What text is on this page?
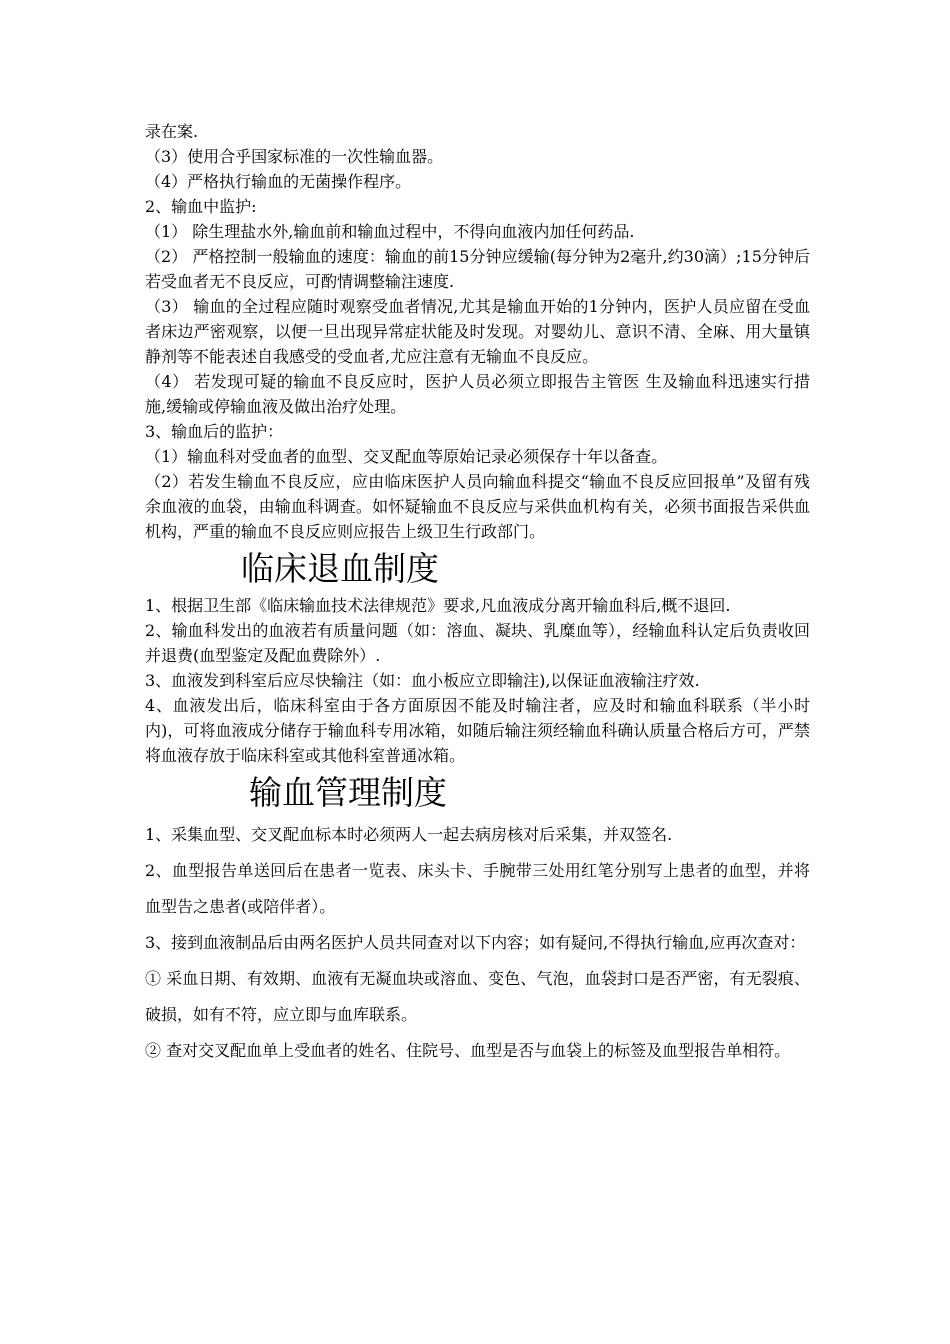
录在案.

（3）使用合乎国家标准的一次性输血器。

（4）严格执行输血的无菌操作程序。

2、输血中监护:

（1） 除生理盐水外,输血前和输血过程中，不得向血液内加任何药品.

（2） 严格控制一般输血的速度：输血的前15分钟应缓输(每分钟为2毫升,约30滴）;15分钟后若受血者无不良反应，可酌情调整输注速度.

（3） 输血的全过程应随时观察受血者情况,尤其是输血开始的1分钟内，医护人员应留在受血者床边严密观察，以便一旦出现异常症状能及时发现。对婴幼儿、意识不清、全麻、用大量镇静剂等不能表述自我感受的受血者,尤应注意有无输血不良反应。

（4） 若发现可疑的输血不良反应时，医护人员必须立即报告主管医 生及输血科迅速实行措施,缓输或停输血液及做出治疗处理。

3、输血后的监护：

（1）输血科对受血者的血型、交叉配血等原始记录必须保存十年以备查。

（2）若发生输血不良反应，应由临床医护人员向输血科提交“输血不良反应回报单”及留有残余血液的血袋，由输血科调查。如怀疑输血不良反应与采供血机构有关，必须书面报告采供血机构，严重的输血不良反应则应报告上级卫生行政部门。

临床退血制度

1、根据卫生部《临床输血技术法律规范》要求,凡血液成分离开输血科后,概不退回.

2、输血科发出的血液若有质量问题（如：溶血、凝块、乳糜血等），经输血科认定后负责收回并退费(血型鉴定及配血费除外）.

3、血液发到科室后应尽快输注（如：血小板应立即输注),以保证血液输注疗效.

4、血液发出后，临床科室由于各方面原因不能及时输注者，应及时和输血科联系（半小时内)，可将血液成分储存于输血科专用冰箱，如随后输注须经输血科确认质量合格后方可，严禁将血液存放于临床科室或其他科室普通冰箱。

输血管理制度

1、采集血型、交叉配血标本时必须两人一起去病房核对后采集，并双签名.

2、血型报告单送回后在患者一览表、床头卡、手腕带三处用红笔分别写上患者的血型，并将血型告之患者(或陪伴者）。

3、接到血液制品后由两名医护人员共同查对以下内容；如有疑问,不得执行输血,应再次查对：

① 采血日期、有效期、血液有无凝血块或溶血、变色、气泡，血袋封口是否严密，有无裂痕、破损，如有不符，应立即与血库联系。

② 查对交叉配血单上受血者的姓名、住院号、血型是否与血袋上的标签及血型报告单相符。
